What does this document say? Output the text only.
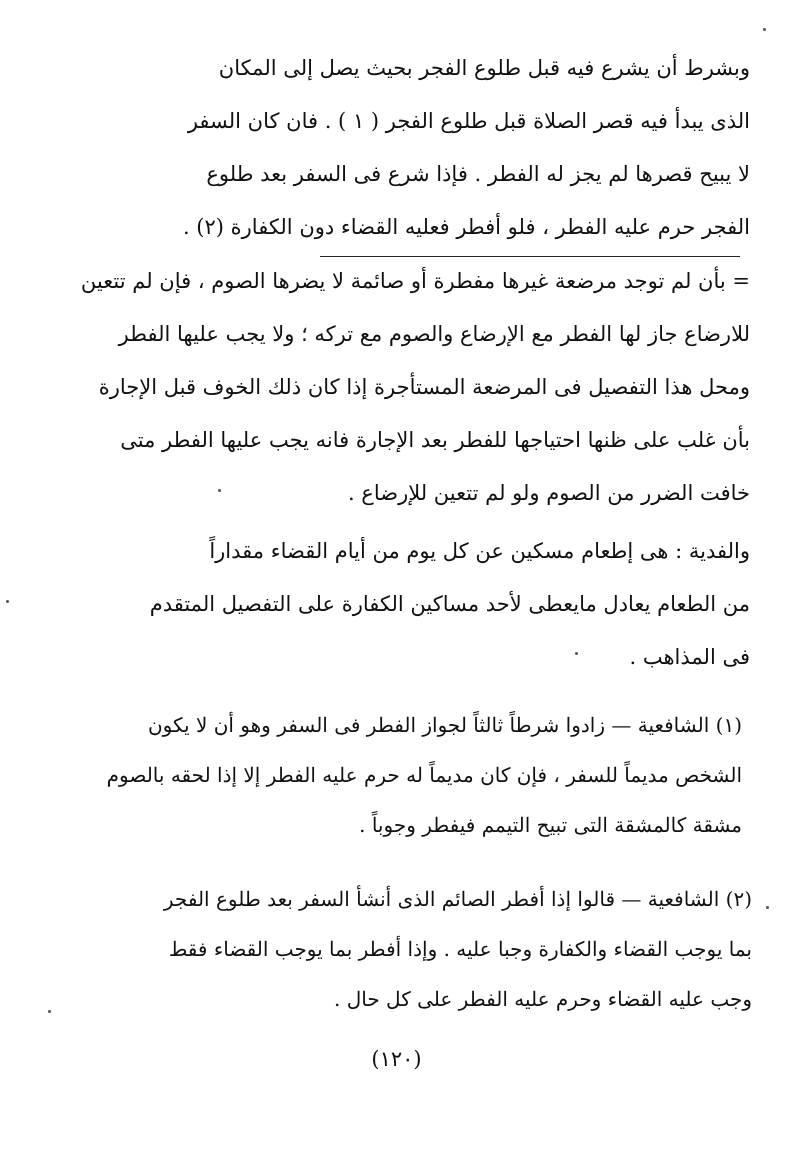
وبشرط أن يشرع فيه قبل طلوع الفجر بحيث يصل إلى المكان
الذى يبدأ فيه قصر الصلاة قبل طلوع الفجر ( ١ ) . فان كان السفر
لا يبيح قصرها لم يجز له الفطر . فإذا شرع فى السفر بعد طلوع
الفجر حرم عليه الفطر ، فلو أفطر فعليه القضاء دون الكفارة (٢) .
= بأن لم توجد مرضعة غيرها مفطرة أو صائمة لا يضرها الصوم ، فإن لم تتعين
للارضاع جاز لها الفطر مع الإرضاع والصوم مع تركه ؛ ولا يجب عليها الفطر
ومحل هذا التفصيل فى المرضعة المستأجرة إذا كان ذلك الخوف قبل الإجارة
بأن غلب على ظنها احتياجها للفطر بعد الإجارة فانه يجب عليها الفطر متى
خافت الضرر من الصوم ولو لم تتعين للإرضاع .
والفدية : هى إطعام مسكين عن كل يوم من أيام القضاء مقداراً
من الطعام يعادل مايعطى لأحد مساكين الكفارة على التفصيل المتقدم
فى المذاهب .
(١) الشافعية — زادوا شرطاً ثالثاً لجواز الفطر فى السفر وهو أن لا يكون
الشخص مديماً للسفر ، فإن كان مديماً له حرم عليه الفطر إلا إذا لحقه بالصوم
مشقة كالمشقة التى تبيح التيمم فيفطر وجوباً .
(٢) الشافعية — قالوا إذا أفطر الصائم الذى أنشأ السفر بعد طلوع الفجر
بما يوجب القضاء والكفارة وجبا عليه . وإذا أفطر بما يوجب القضاء فقط
وجب عليه القضاء وحرم عليه الفطر على كل حال .
(١٢٠)
